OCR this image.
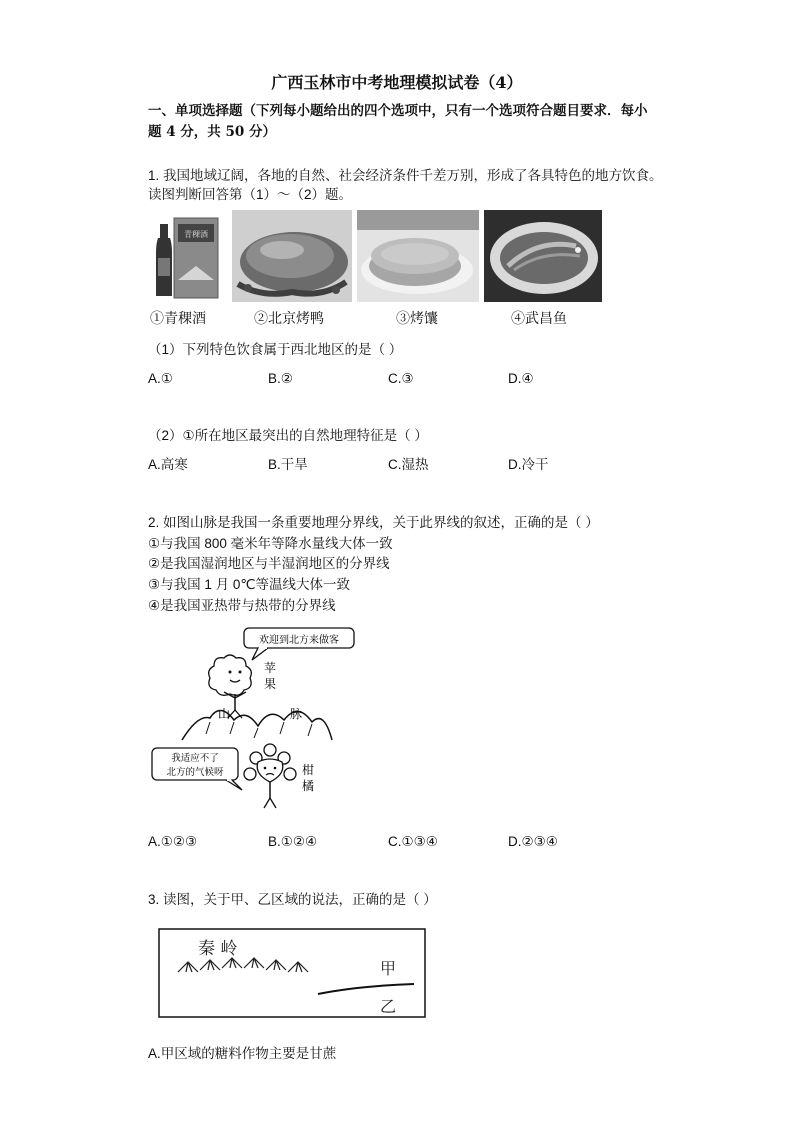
广西玉林市中考地理模拟试卷（4）
一、单项选择题（下列每小题给出的四个选项中，只有一个选项符合题目要求．每小
题 4 分，共 50 分）
1. 我国地域辽阔，各地的自然、社会经济条件千差万别，形成了各具特色的地方饮食。
读图判断回答第（1）～（2）题。
青稞酒
①青稞酒	②北京烤鸭	③烤馕	④武昌鱼
（1）下列特色饮食属于西北地区的是（ ）
A.①	B.②	C.③	D.④
（2）①所在地区最突出的自然地理特征是（ ）
A.高寒	B.干旱	C.湿热	D.冷干
2. 如图山脉是我国一条重要地理分界线，关于此界线的叙述，正确的是（ ）
①与我国 800 毫米年等降水量线大体一致
②是我国湿润地区与半湿润地区的分界线
③与我国 1 月 0℃等温线大体一致
④是我国亚热带与热带的分界线
欢迎到北方来做客
苹
果
山	脉
我适应不了
北方的气候呀	柑
橘
A.①②③	B.①②④	C.①③④	D.②③④
3. 读图，关于甲、乙区域的说法，正确的是（ ）
秦 岭
甲
乙
A.甲区域的糖料作物主要是甘蔗
